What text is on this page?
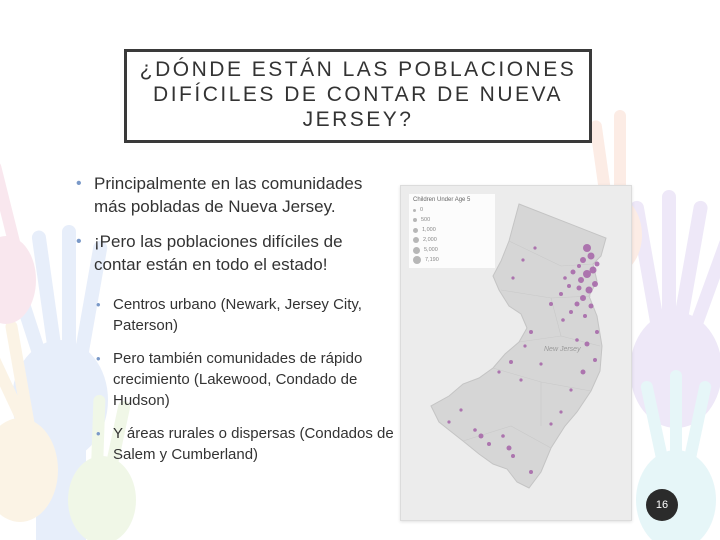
¿DÓNDE ESTÁN LAS POBLACIONES DIFÍCILES DE CONTAR DE NUEVA JERSEY?
• Principalmente en las comunidades más pobladas de Nueva Jersey.
• ¡Pero las poblaciones difíciles de contar están en todo el estado!
• Centros urbano (Newark, Jersey City, Paterson)
• Pero también comunidades de rápido crecimiento (Lakewood, Condado de Hudson)
• Y áreas rurales o dispersas (Condados de Salem y Cumberland)
Children Under Age 5
0
500
1,000
2,000
5,000
7,190
New Jersey
16
